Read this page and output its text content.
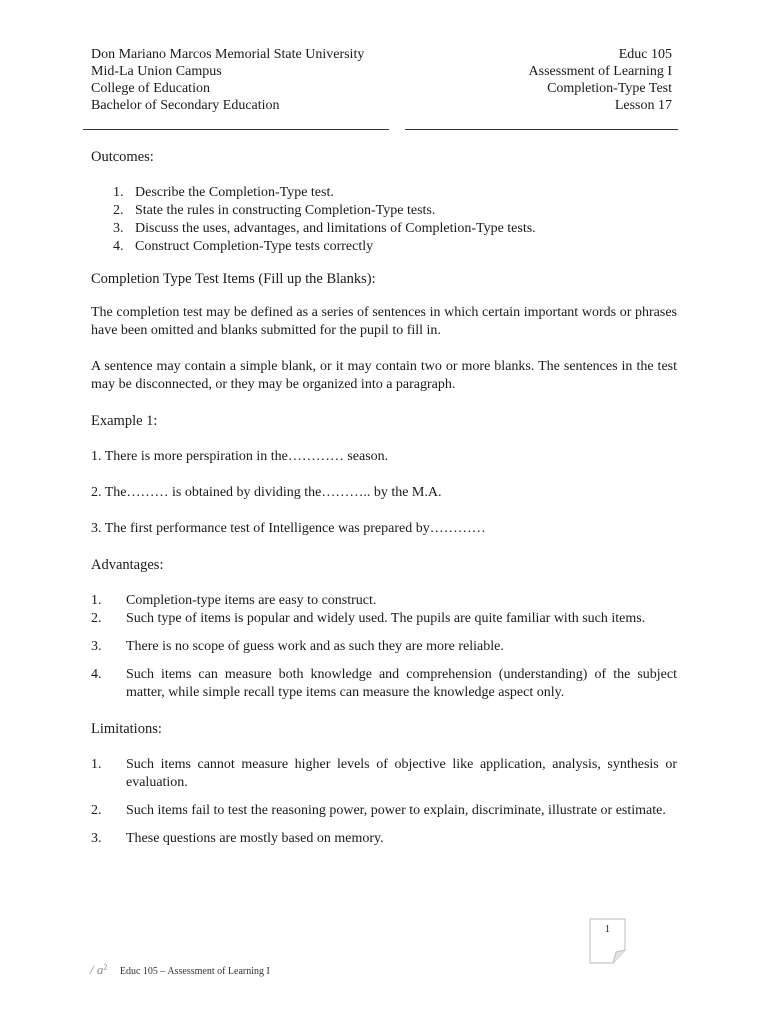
Don Mariano Marcos Memorial State University
Mid-La Union Campus
College of Education
Bachelor of Secondary Education
Educ 105
Assessment of Learning I
Completion-Type Test
Lesson 17

Outcomes:

1. Describe the Completion-Type test.
2. State the rules in constructing Completion-Type tests.
3. Discuss the uses, advantages, and limitations of Completion-Type tests.
4. Construct Completion-Type tests correctly

Completion Type Test Items (Fill up the Blanks):

The completion test may be defined as a series of sentences in which certain important words or phrases have been omitted and blanks submitted for the pupil to fill in.

A sentence may contain a simple blank, or it may contain two or more blanks. The sentences in the test may be disconnected, or they may be organized into a paragraph.

Example 1:

1. There is more perspiration in the………… season.

2. The……… is obtained by dividing the……….. by the M.A.

3. The first performance test of Intelligence was prepared by…………

Advantages:

1.	Completion-type items are easy to construct.
2.	Such type of items is popular and widely used. The pupils are quite familiar with such items.
3.	There is no scope of guess work and as such they are more reliable.
4.	Such items can measure both knowledge and comprehension (understanding) of the subject matter, while simple recall type items can measure the knowledge aspect only.

Limitations:

1.	Such items cannot measure higher levels of objective like application, analysis, synthesis or evaluation.
2.	Such items fail to test the reasoning power, power to explain, discriminate, illustrate or estimate.
3.	These questions are mostly based on memory.
1
/ $a^2$ Educ 105 – Assessment of Learning I
